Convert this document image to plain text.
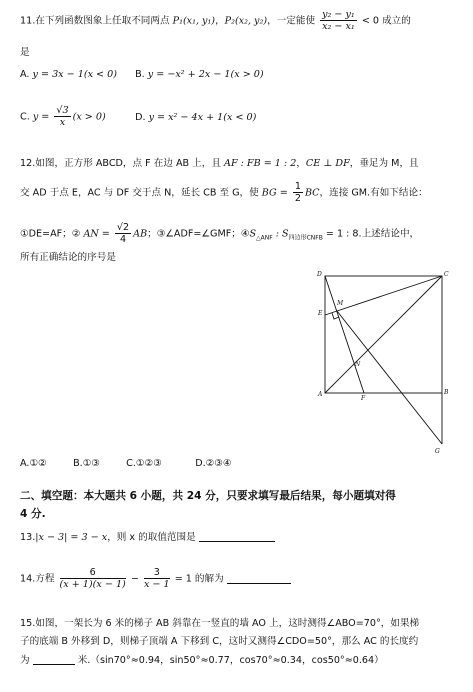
11.在下列函数图象上任取不同两点 P₁(x₁, y₁)，P₂(x₂, y₂)，一定能使 $\frac{\text{y₂ − y₁}}{\text{x₂ − x₁}} < 0$ 成立的
是
A. y = 3x − 1(x < 0) B. y = −x² + 2x − 1(x > 0)
C. $y = \frac{√3}{x} (x > 0)$	D. y = x² − 4x + 1(x < 0)
12.如图，正方形 ABCD，点 F 在边 AB 上，且 AF : FB = 1 : 2，CE ⊥ DF，垂足为 M，且
交 AD 于点 E，AC 与 DF 交于点 N，延长 CB 至 G，使 BG = $\frac{1}{2}$ BC，连接 GM.有如下结论：
①DE=AF；② AN = $\frac{√2}{4}$ AB；③∠ADF=∠GMF；$④S_{\triangle ANF}$ : $S_{四边形CNFB} = 1$ : 8.上述结论中，
所有正确结论的序号是
D	C
M
E
N
A
F
B
G
A.①②	B.①③	C.①②③	D.②③④
二、填空题：本大题共 6 小题，共 24 分，只要求填写最后结果，每小题填对得
4 分.
13.|x − 3| = 3 − x，则 x 的取值范围是
14.方程 $\frac{6}{(x + 1)(x - 1)} - \frac{3}{x - 1} = 1$ 的解为
15.如图，一架长为 6 米的梯子 AB 斜靠在一竖直的墙 AO 上，这时测得∠ABO=70°，如果梯
子的底端 B 外移到 D，则梯子顶端 A 下移到 C，这时又测得∠CDO=50°，那么 AC 的长度约
为	米.（sin70°≈0.94，sin50°≈0.77，cos70°≈0.34，cos50°≈0.64）
